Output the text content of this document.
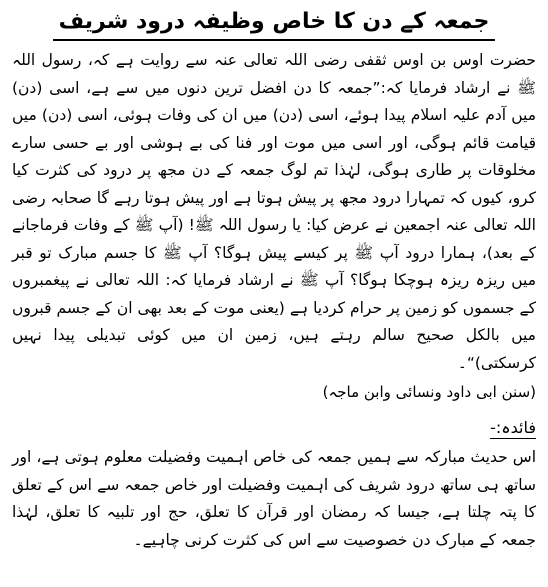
جمعہ کے دن کا خاص وظیفہ درود شریف

حضرت اوس بن اوس ثقفی رضی اللہ تعالی عنہ سے روایت ہے کہ، رسول اللہ ﷺ نے ارشاد فرمایا کہ:”جمعہ کا دن افضل ترین دنوں میں سے ہے، اسی (دن) میں آدم علیہ اسلام پیدا ہوئے، اسی (دن) میں ان کی وفات ہوئی، اسی (دن) میں قیامت قائم ہوگی، اور اسی میں موت اور فنا کی بے ہوشی اور بے حسی سارے مخلوقات پر طاری ہوگی، لہٰذا تم لوگ جمعہ کے دن مجھ پر درود کی کثرت کیا کرو، کیوں کہ تمہارا درود مجھ پر پیش ہوتا ہے اور پیش ہوتا رہے گا صحابہ رضی اللہ تعالی عنہ اجمعین نے عرض کیا: یا رسول اللہ ﷺ! (آپ ﷺ کے وفات فرماجانے کے بعد)، ہمارا درود آپ ﷺ پر کیسے پیش ہوگا؟ آپ ﷺ کا جسم مبارک تو قبر میں ریزہ ریزہ ہوچکا ہوگا؟ آپ ﷺ نے ارشاد فرمایا کہ: اللہ تعالی نے پیغمبروں کے جسموں کو زمین پر حرام کردیا ہے (یعنی موت کے بعد بھی ان کے جسم قبروں میں بالکل صحیح سالم رہتے ہیں، زمین ان میں کوئی تبدیلی پیدا نہیں کرسکتی)“۔

(سنن ابی داود ونسائی وابن ماجہ)

فائدہ:-

اس حدیث مبارکہ سے ہمیں جمعہ کی خاص اہمیت وفضیلت معلوم ہوتی ہے، اور ساتھ ہی ساتھ درود شریف کی اہمیت وفضیلت اور خاص جمعہ سے اس کے تعلق کا پتہ چلتا ہے، جیسا کہ رمضان اور قرآن کا تعلق، حج اور تلبیہ کا تعلق، لہٰذا جمعہ کے مبارک دن خصوصیت سے اس کی کثرت کرنی چاہیے۔
